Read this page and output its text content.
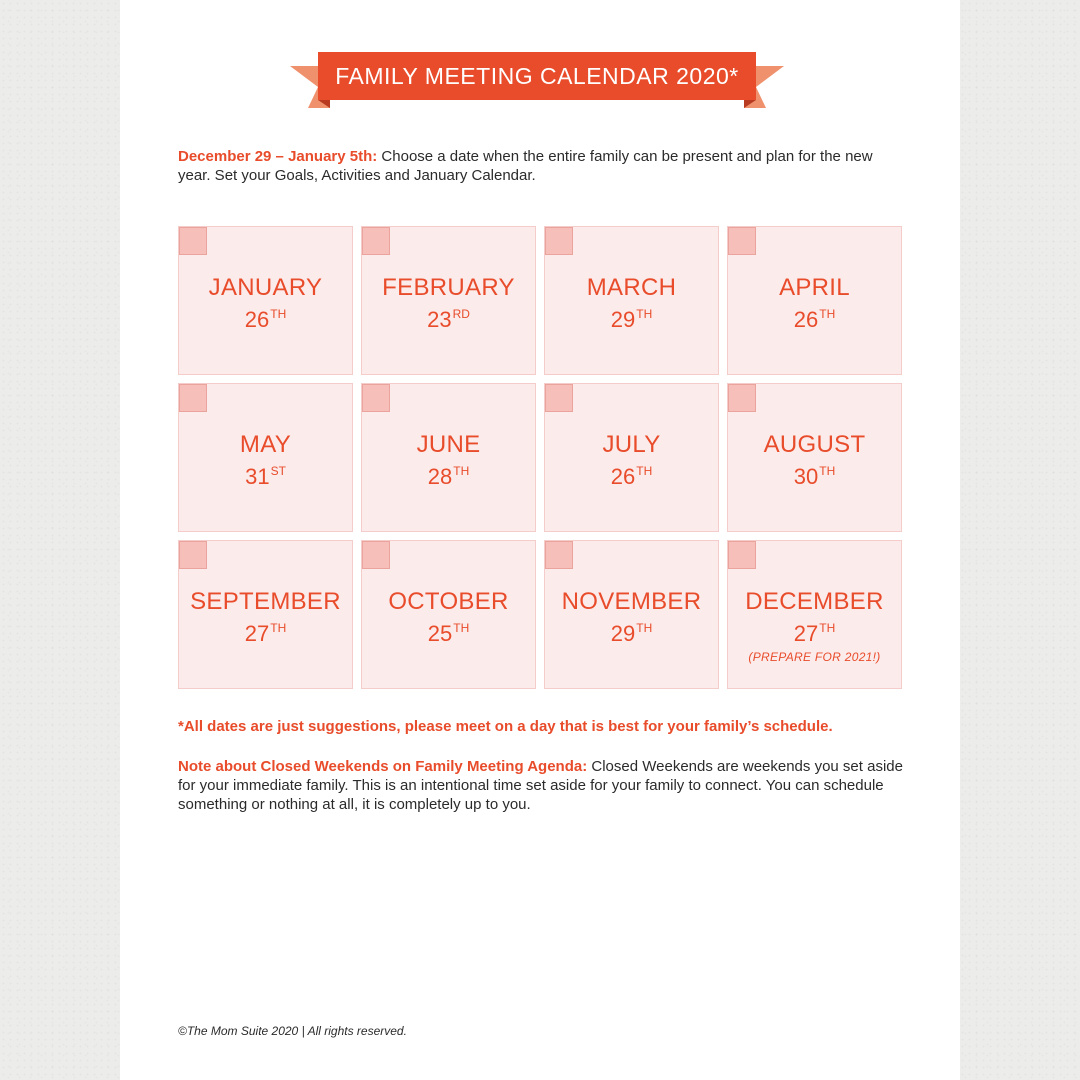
FAMILY MEETING CALENDAR 2020*

December 29 – January 5th: Choose a date when the entire family can be present and plan for the new year. Set your Goals, Activities and January Calendar.

JANUARY
26TH
FEBRUARY
23RD
MARCH
29TH
APRIL
26TH
MAY
31ST
JUNE
28TH
JULY
26TH
AUGUST
30TH
SEPTEMBER
27TH
OCTOBER
25TH
NOVEMBER
29TH
DECEMBER
27TH
(PREPARE FOR 2021!)

*All dates are just suggestions, please meet on a day that is best for your family’s schedule.

Note about Closed Weekends on Family Meeting Agenda: Closed Weekends are weekends you set aside for your immediate family. This is an intentional time set aside for your family to connect. You can schedule something or nothing at all, it is completely up to you.

©The Mom Suite 2020 | All rights reserved.
